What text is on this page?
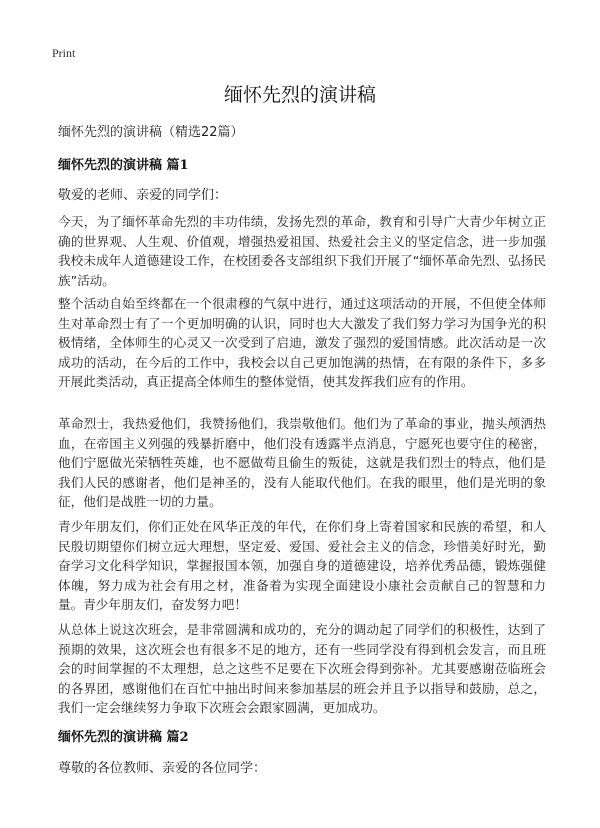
Print
缅怀先烈的演讲稿
缅怀先烈的演讲稿（精选22篇）
缅怀先烈的演讲稿 篇1
敬爱的老师、亲爱的同学们：

今天，为了缅怀革命先烈的丰功伟绩，发扬先烈的革命，教育和引导广大青少年树立正确的世界观、人生观、价值观，增强热爱祖国、热爱社会主义的坚定信念，进一步加强我校未成年人道德建设工作，在校团委各支部组织下我们开展了“缅怀革命先烈、弘扬民族”活动。

整个活动自始至终都在一个很肃穆的气氛中进行，通过这项活动的开展，不但使全体师生对革命烈士有了一个更加明确的认识，同时也大大激发了我们努力学习为国争光的积极情绪，全体师生的心灵又一次受到了启迪，激发了强烈的爱国情感。此次活动是一次成功的活动，在今后的工作中，我校会以自己更加饱满的热情，在有限的条件下，多多开展此类活动，真正提高全体师生的整体觉悟，使其发挥我们应有的作用。

革命烈士，我热爱他们，我赞扬他们，我崇敬他们。他们为了革命的事业，抛头颅洒热血，在帝国主义列强的残暴折磨中，他们没有透露半点消息，宁愿死也要守住的秘密，他们宁愿做光荣牺牲英雄，也不愿做苟且偷生的叛徒，这就是我们烈士的特点，他们是我们人民的感谢者，他们是神圣的，没有人能取代他们。在我的眼里，他们是光明的象征，他们是战胜一切的力量。

青少年朋友们，你们正处在风华正茂的年代，在你们身上寄着国家和民族的希望，和人民殷切期望你们树立远大理想，坚定爱、爱国、爱社会主义的信念，珍惜美好时光，勤奋学习文化科学知识，掌握报国本领，加强自身的道德建设，培养优秀品德，锻炼强健体魄，努力成为社会有用之材，准备着为实现全面建设小康社会贡献自己的智慧和力量。青少年朋友们，奋发努力吧！

从总体上说这次班会，是非常圆满和成功的，充分的调动起了同学们的积极性，达到了预期的效果，这次班会也有很多不足的地方，还有一些同学没有得到机会发言，而且班会的时间掌握的不太理想，总之这些不足要在下次班会得到弥补。尤其要感谢莅临班会的各界团，感谢他们在百忙中抽出时间来参加基层的班会并且予以指导和鼓励，总之，我们一定会继续努力争取下次班会会跟家圆满，更加成功。

缅怀先烈的演讲稿 篇2
尊敬的各位教师、亲爱的各位同学：
